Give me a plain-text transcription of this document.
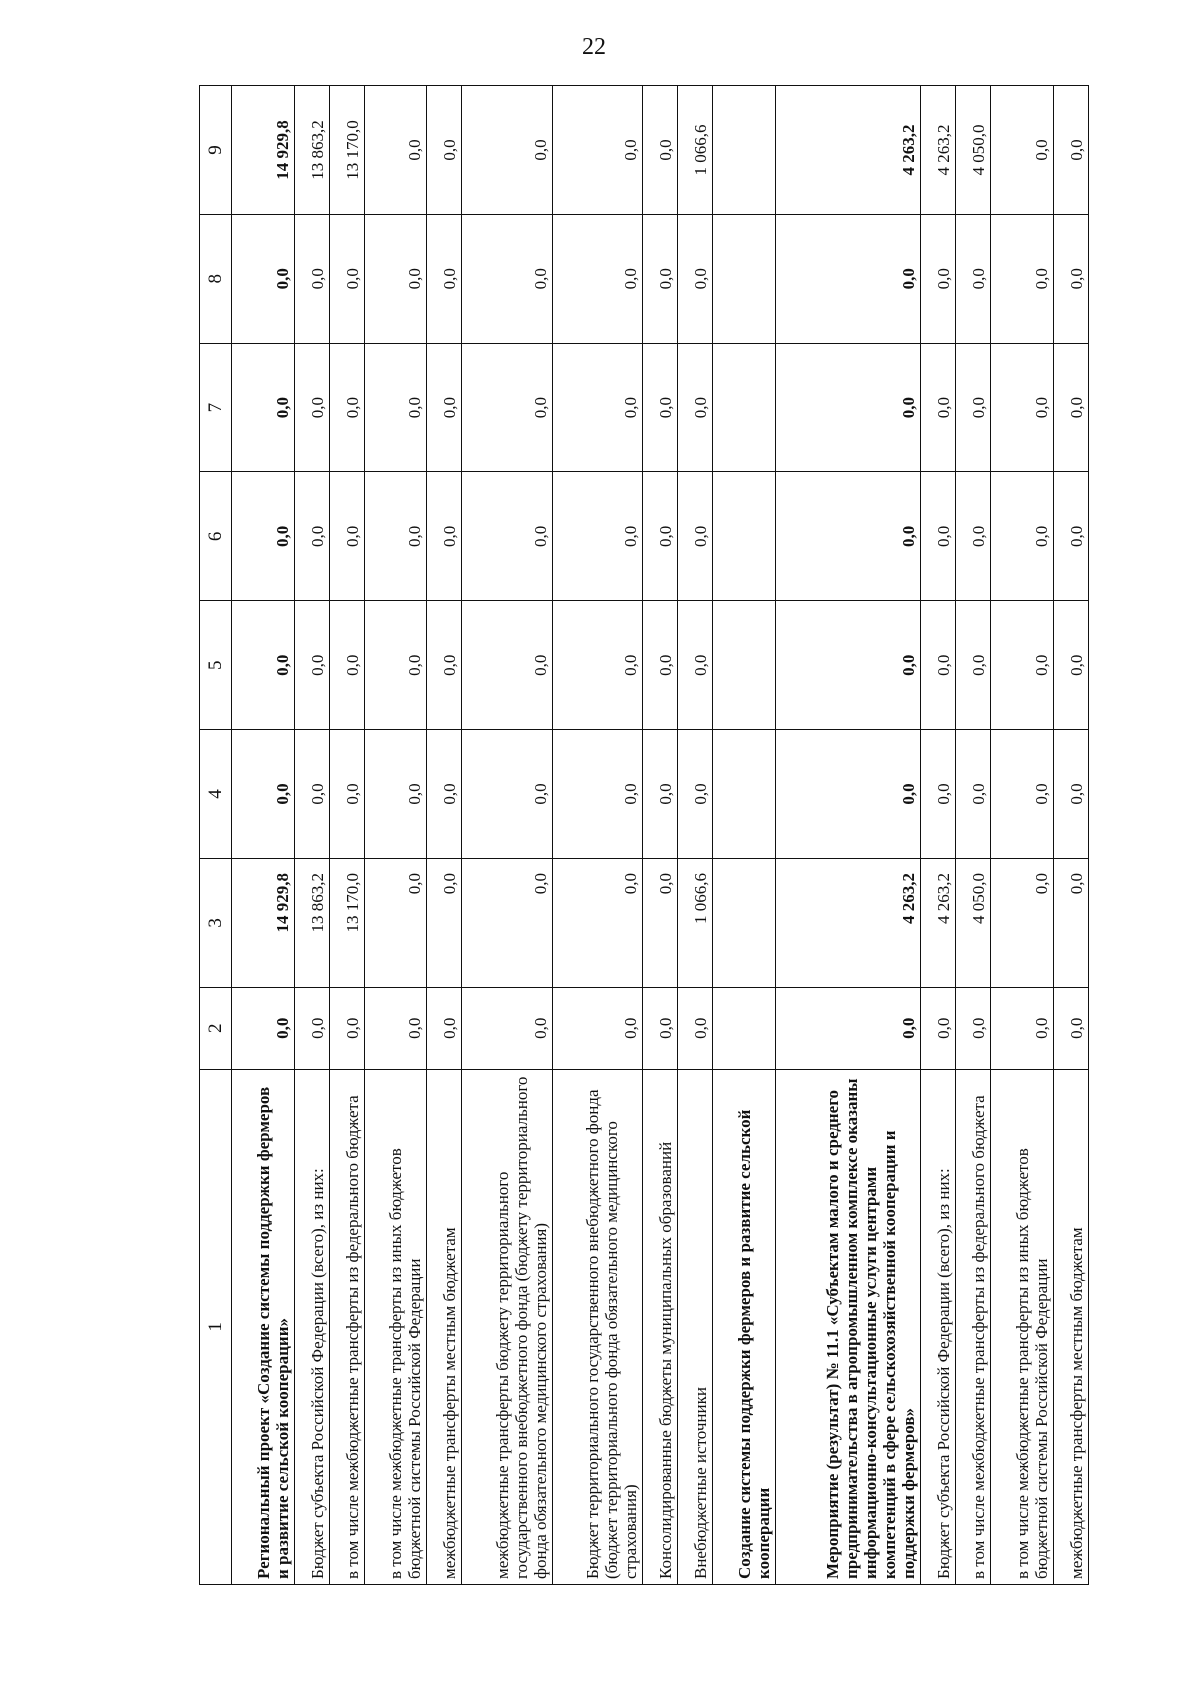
22
1	2	3	4	5	6	7	8	9
Региональный проект «Создание системы поддержки фермеров и развитие сельской кооперации»	0,0	14 929,8	0,0	0,0	0,0	0,0	0,0	14 929,8
Бюджет субъекта Российской Федерации (всего), из них:	0,0	13 863,2	0,0	0,0	0,0	0,0	0,0	13 863,2
в том числе межбюджетные трансферты из федерального бюджета	0,0	13 170,0	0,0	0,0	0,0	0,0	0,0	13 170,0
в том числе межбюджетные трансферты из иных бюджетов бюджетной системы Российской Федерации	0,0	0,0	0,0	0,0	0,0	0,0	0,0	0,0
межбюджетные трансферты местным бюджетам	0,0	0,0	0,0	0,0	0,0	0,0	0,0	0,0
межбюджетные трансферты бюджету территориального государственного внебюджетного фонда (бюджету территориального фонда обязательного медицинского страхования)	0,0	0,0	0,0	0,0	0,0	0,0	0,0	0,0
Бюджет территориального государственного внебюджетного фонда (бюджет территориального фонда обязательного медицинского страхования)	0,0	0,0	0,0	0,0	0,0	0,0	0,0	0,0
Консолидированные бюджеты муниципальных образований	0,0	0,0	0,0	0,0	0,0	0,0	0,0	0,0
Внебюджетные источники	0,0	1 066,6	0,0	0,0	0,0	0,0	0,0	1 066,6
Создание системы поддержки фермеров и развитие сельской кооперации								
Мероприятие (результат) № 11.1 «Субъектам малого и среднего предпринимательства в агропромышленном комплексе оказаны информационно-консультационные услуги центрами компетенций в сфере сельскохозяйственной кооперации и поддержки фермеров»	0,0	4 263,2	0,0	0,0	0,0	0,0	0,0	4 263,2
Бюджет субъекта Российской Федерации (всего), из них:	0,0	4 263,2	0,0	0,0	0,0	0,0	0,0	4 263,2
в том числе межбюджетные трансферты из федерального бюджета	0,0	4 050,0	0,0	0,0	0,0	0,0	0,0	4 050,0
в том числе межбюджетные трансферты из иных бюджетов бюджетной системы Российской Федерации	0,0	0,0	0,0	0,0	0,0	0,0	0,0	0,0
межбюджетные трансферты местным бюджетам	0,0	0,0	0,0	0,0	0,0	0,0	0,0	0,0
